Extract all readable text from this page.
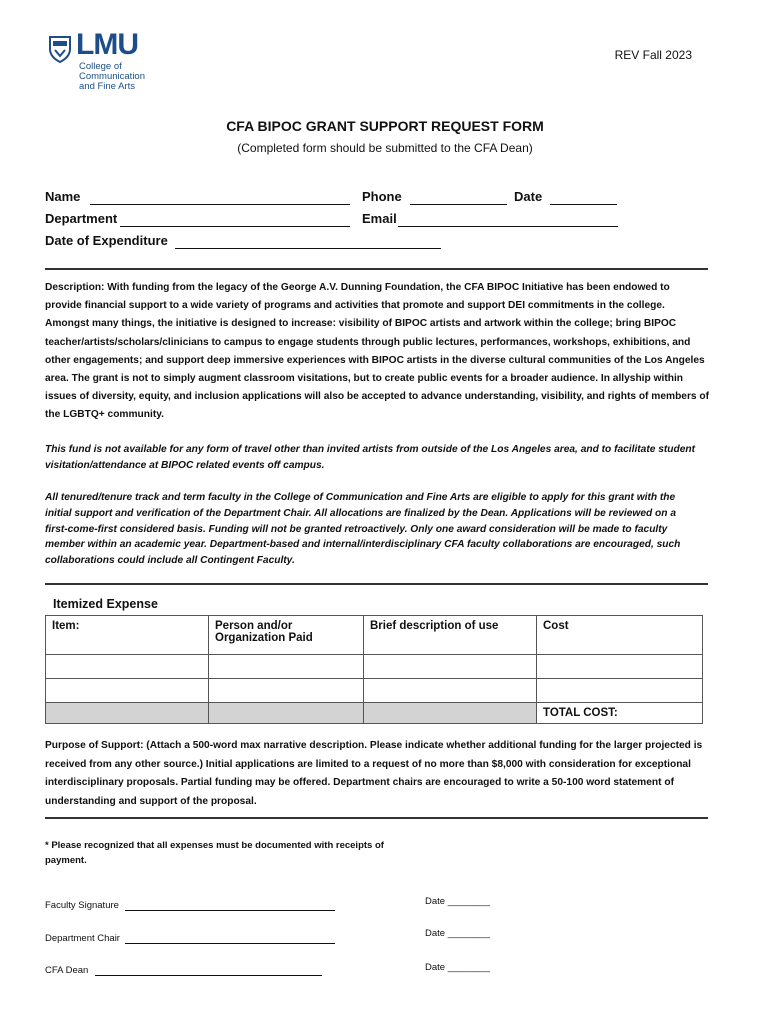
LMU
College of
Communication
and Fine Arts
REV Fall 2023
CFA BIPOC GRANT SUPPORT REQUEST FORM
(Completed form should be submitted to the CFA Dean)
Name	Phone	Date
Department	Email
Date of Expenditure
Description: With funding from the legacy of the George A.V. Dunning Foundation, the CFA BIPOC Initiative has been endowed to
provide financial support to a wide variety of programs and activities that promote and support DEI commitments in the college.
Amongst many things, the initiative is designed to increase: visibility of BIPOC artists and artwork within the college; bring BIPOC
teacher/artists/scholars/clinicians to campus to engage students through public lectures, performances, workshops, exhibitions, and
other engagements; and support deep immersive experiences with BIPOC artists in the diverse cultural communities of the Los Angeles
area. The grant is not to simply augment classroom visitations, but to create public events for a broader audience. In allyship within
issues of diversity, equity, and inclusion applications will also be accepted to advance understanding, visibility, and rights of members of
the LGBTQ+ community.
This fund is not available for any form of travel other than invited artists from outside of the Los Angeles area, and to facilitate student
visitation/attendance at BIPOC related events off campus.
All tenured/tenure track and term faculty in the College of Communication and Fine Arts are eligible to apply for this grant with the
initial support and verification of the Department Chair. All allocations are finalized by the Dean. Applications will be reviewed on a
first-come-first considered basis. Funding will not be granted retroactively. Only one award consideration will be made to faculty
member within an academic year. Department-based and internal/interdisciplinary CFA faculty collaborations are encouraged, such
collaborations could include all Contingent Faculty.
Itemized Expense
Item:	Person and/or Organization Paid	Brief description of use	Cost

			TOTAL COST:
Purpose of Support: (Attach a 500-word max narrative description. Please indicate whether additional funding for the larger projected is
received from any other source.) Initial applications are limited to a request of no more than $8,000 with consideration for exceptional
interdisciplinary proposals. Partial funding may be offered. Department chairs are encouraged to write a 50-100 word statement of
understanding and support of the proposal.
* Please recognized that all expenses must be documented with receipts of
payment.
Faculty Signature	Date ________
Department Chair	Date ________
CFA Dean	Date ________
